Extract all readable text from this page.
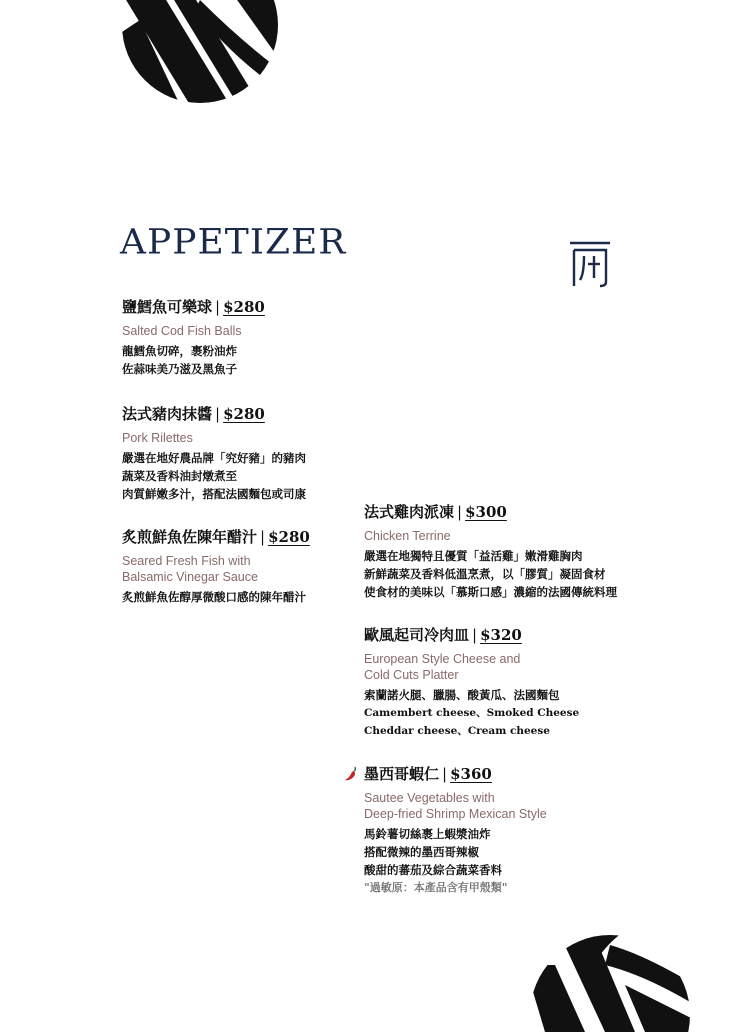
APPETIZER
鹽鱈魚可樂球 | $280
Salted Cod Fish Balls
龍鱈魚切碎，裹粉油炸
佐蒜味美乃滋及黑魚子
法式豬肉抹醬 | $280
Pork Rilettes
嚴選在地好農品牌「究好豬」的豬肉
蔬菜及香料油封燉煮至
肉質鮮嫩多汁，搭配法國麵包或司康
炙煎鮮魚佐陳年醋汁 | $280
Seared Fresh Fish with
Balsamic Vinegar Sauce
炙煎鮮魚佐醇厚微酸口感的陳年醋汁
法式雞肉派凍 | $300
Chicken Terrine
嚴選在地獨特且優質「益活雞」嫩滑雞胸肉
新鮮蔬菜及香料低溫烹煮，以「膠質」凝固食材
使食材的美味以「慕斯口感」濃縮的法國傳統料理
歐風起司冷肉皿 | $320
European Style Cheese and
Cold Cuts Platter
索蘭諾火腿、臘腸、酸黃瓜、法國麵包
Camembert cheese、Smoked Cheese
Cheddar cheese、Cream cheese
墨西哥蝦仁 | $360
Sautee Vegetables with
Deep-fried Shrimp Mexican Style
馬鈴薯切絲裹上蝦漿油炸
搭配微辣的墨西哥辣椒
酸甜的蕃茄及綜合蔬菜香料
"過敏原：本產品含有甲殼類"
